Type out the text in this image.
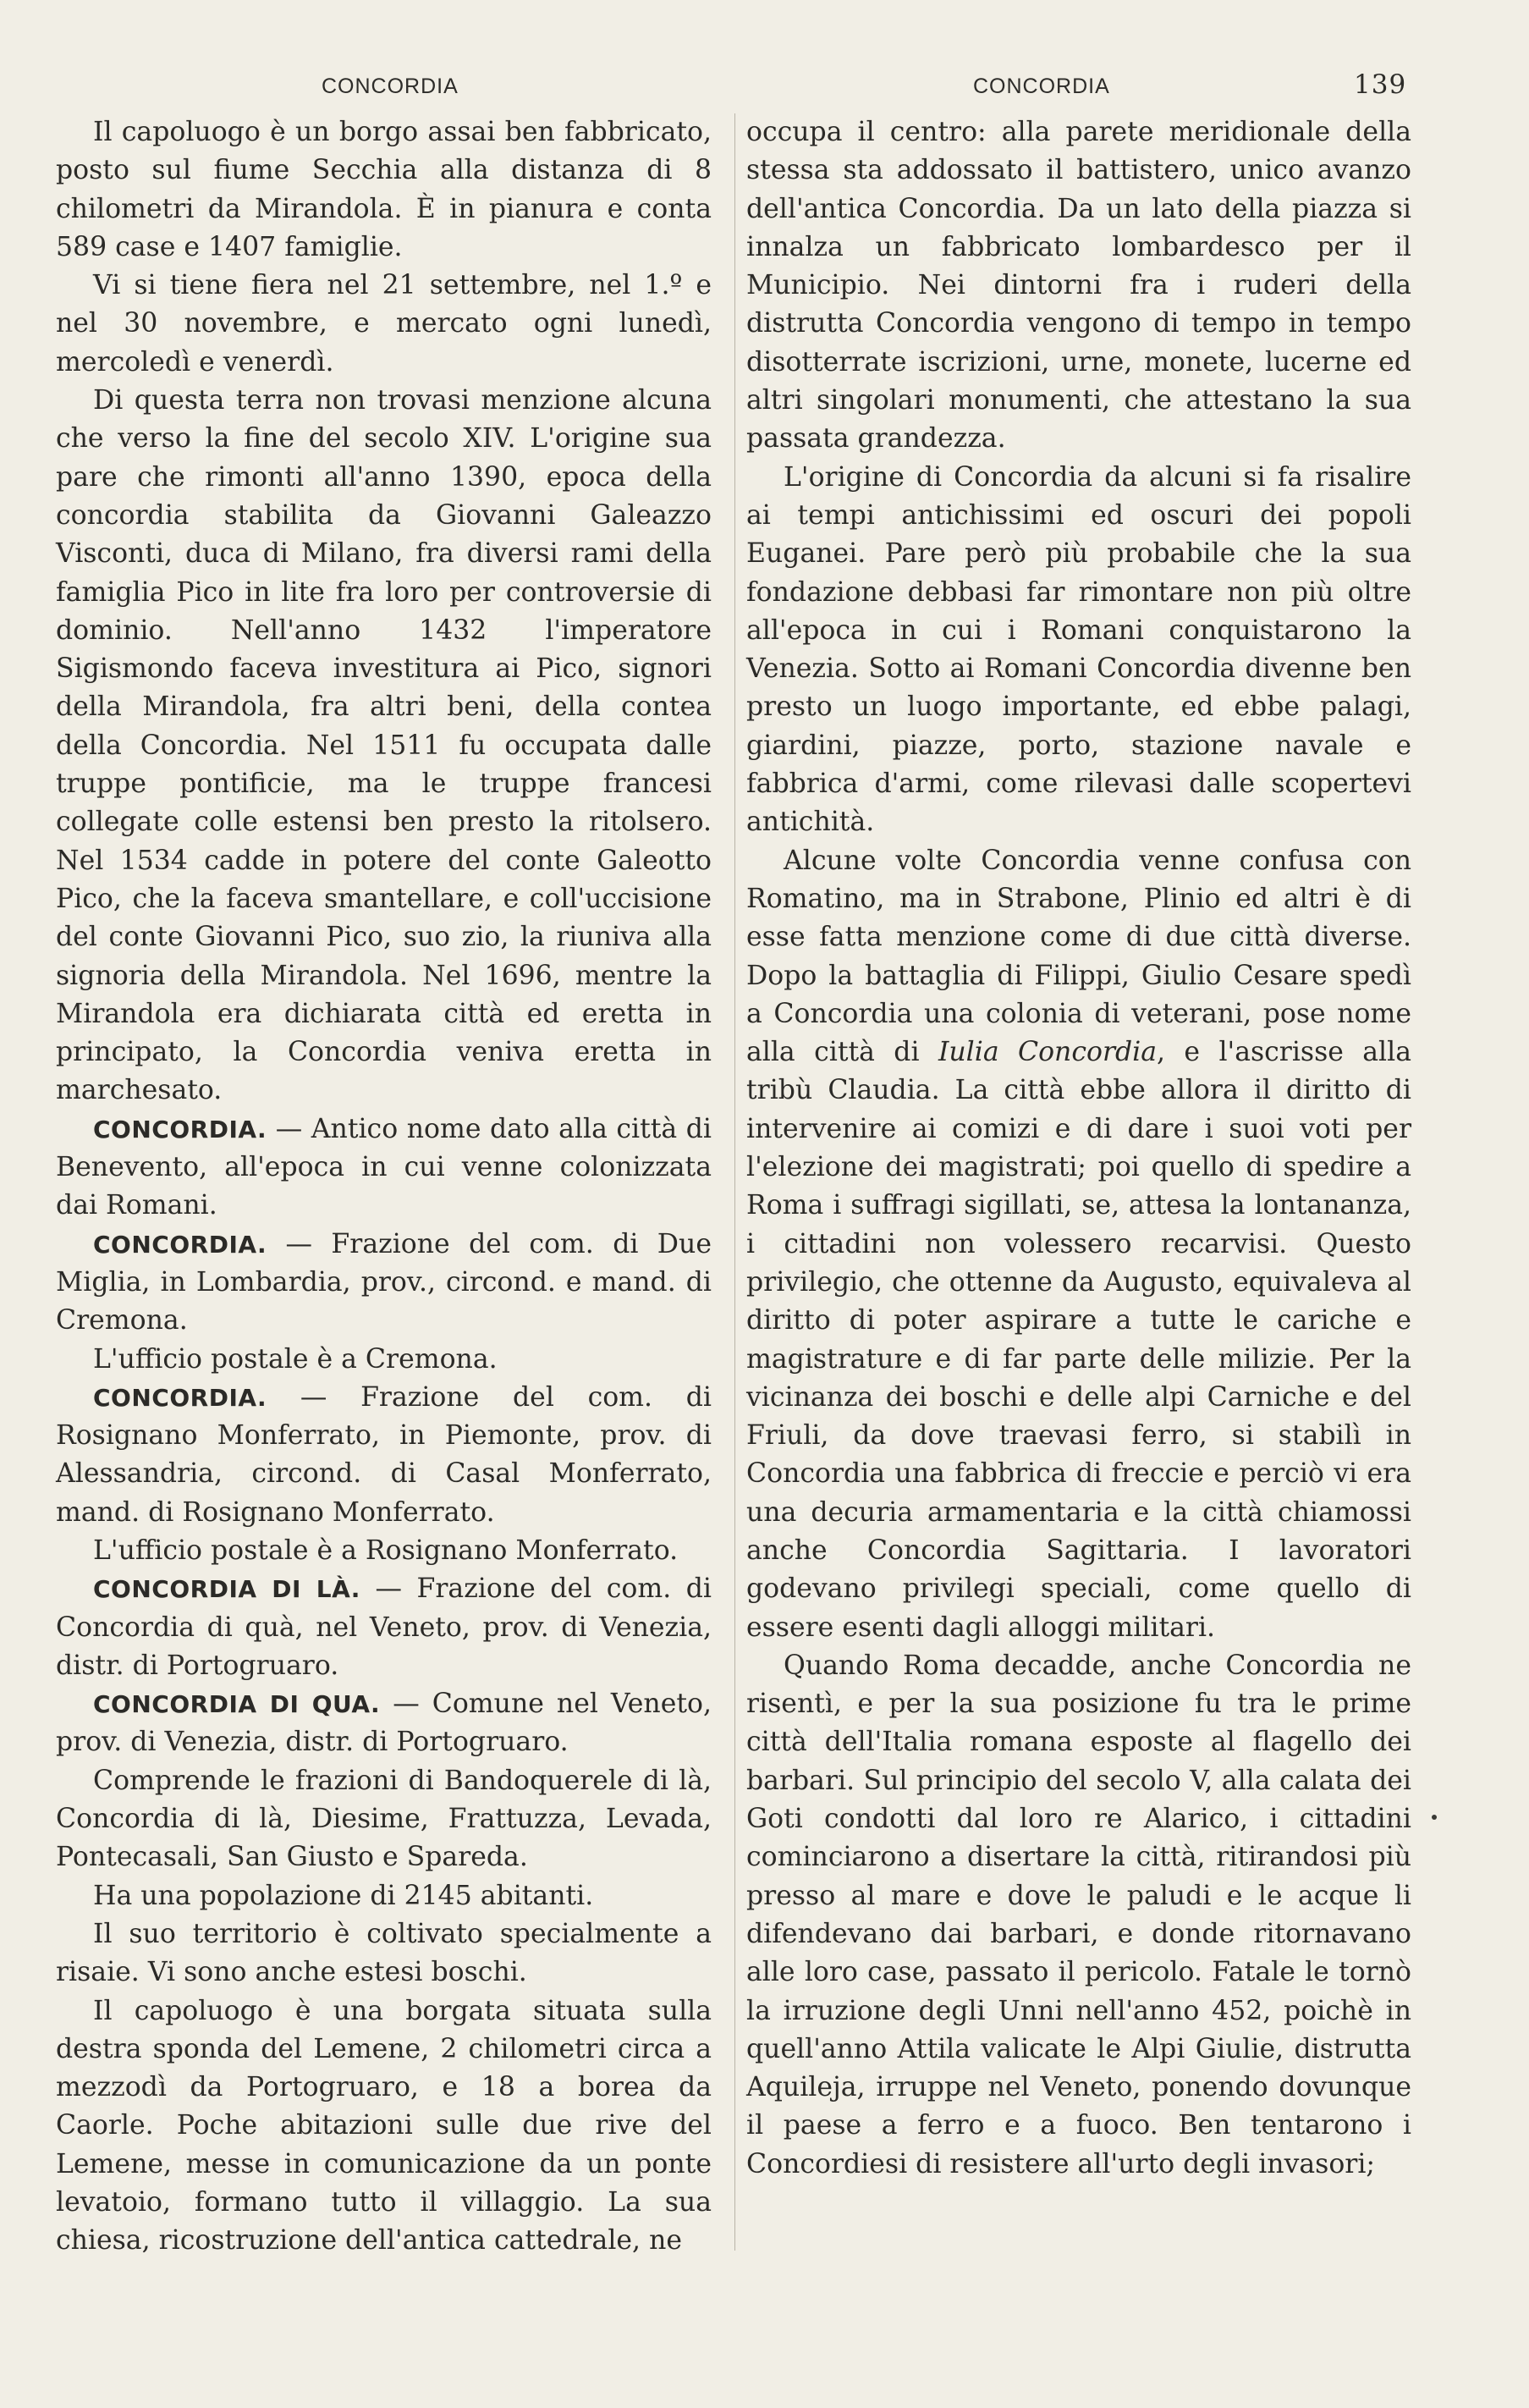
CONCORDIA	CONCORDIA	139

Il capoluogo è un borgo assai ben fabbricato, posto sul fiume Secchia alla distanza di 8 chilometri da Mirandola. È in pianura e conta 589 case e 1407 famiglie.

Vi si tiene fiera nel 21 settembre, nel 1.º e nel 30 novembre, e mercato ogni lunedì, mercoledì e venerdì.

Di questa terra non trovasi menzione alcuna che verso la fine del secolo XIV. L'origine sua pare che rimonti all'anno 1390, epoca della concordia stabilita da Giovanni Galeazzo Visconti, duca di Milano, fra diversi rami della famiglia Pico in lite fra loro per controversie di dominio. Nell'anno 1432 l'imperatore Sigismondo faceva investitura ai Pico, signori della Mirandola, fra altri beni, della contea della Concordia. Nel 1511 fu occupata dalle truppe pontificie, ma le truppe francesi collegate colle estensi ben presto la ritolsero. Nel 1534 cadde in potere del conte Galeotto Pico, che la faceva smantellare, e coll'uccisione del conte Giovanni Pico, suo zio, la riuniva alla signoria della Mirandola. Nel 1696, mentre la Mirandola era dichiarata città ed eretta in principato, la Concordia veniva eretta in marchesato.

CONCORDIA. — Antico nome dato alla città di Benevento, all'epoca in cui venne colonizzata dai Romani.

CONCORDIA. — Frazione del com. di Due Miglia, in Lombardia, prov., circond. e mand. di Cremona.

L'ufficio postale è a Cremona.

CONCORDIA. — Frazione del com. di Rosignano Monferrato, in Piemonte, prov. di Alessandria, circond. di Casal Monferrato, mand. di Rosignano Monferrato.

L'ufficio postale è a Rosignano Monferrato.

CONCORDIA DI LÀ. — Frazione del com. di Concordia di quà, nel Veneto, prov. di Venezia, distr. di Portogruaro.

CONCORDIA DI QUA. — Comune nel Veneto, prov. di Venezia, distr. di Portogruaro.

Comprende le frazioni di Bandoquerele di là, Concordia di là, Diesime, Frattuzza, Levada, Pontecasali, San Giusto e Spareda.

Ha una popolazione di 2145 abitanti.

Il suo territorio è coltivato specialmente a risaie. Vi sono anche estesi boschi.

Il capoluogo è una borgata situata sulla destra sponda del Lemene, 2 chilometri circa a mezzodì da Portogruaro, e 18 a borea da Caorle. Poche abitazioni sulle due rive del Lemene, messe in comunicazione da un ponte levatoio, formano tutto il villaggio. La sua chiesa, ricostruzione dell'antica cattedrale, ne

occupa il centro: alla parete meridionale della stessa sta addossato il battistero, unico avanzo dell'antica Concordia. Da un lato della piazza si innalza un fabbricato lombardesco per il Municipio. Nei dintorni fra i ruderi della distrutta Concordia vengono di tempo in tempo disotterrate iscrizioni, urne, monete, lucerne ed altri singolari monumenti, che attestano la sua passata grandezza.

L'origine di Concordia da alcuni si fa risalire ai tempi antichissimi ed oscuri dei popoli Euganei. Pare però più probabile che la sua fondazione debbasi far rimontare non più oltre all'epoca in cui i Romani conquistarono la Venezia. Sotto ai Romani Concordia divenne ben presto un luogo importante, ed ebbe palagi, giardini, piazze, porto, stazione navale e fabbrica d'armi, come rilevasi dalle scopertevi antichità.

Alcune volte Concordia venne confusa con Romatino, ma in Strabone, Plinio ed altri è di esse fatta menzione come di due città diverse. Dopo la battaglia di Filippi, Giulio Cesare spedì a Concordia una colonia di veterani, pose nome alla città di Iulia Concordia, e l'ascrisse alla tribù Claudia. La città ebbe allora il diritto di intervenire ai comizi e di dare i suoi voti per l'elezione dei magistrati; poi quello di spedire a Roma i suffragi sigillati, se, attesa la lontananza, i cittadini non volessero recarvisi. Questo privilegio, che ottenne da Augusto, equivaleva al diritto di poter aspirare a tutte le cariche e magistrature e di far parte delle milizie. Per la vicinanza dei boschi e delle alpi Carniche e del Friuli, da dove traevasi ferro, si stabilì in Concordia una fabbrica di freccie e perciò vi era una decuria armamentaria e la città chiamossi anche Concordia Sagittaria. I lavoratori godevano privilegi speciali, come quello di essere esenti dagli alloggi militari.

Quando Roma decadde, anche Concordia ne risentì, e per la sua posizione fu tra le prime città dell'Italia romana esposte al flagello dei barbari. Sul principio del secolo V, alla calata dei Goti condotti dal loro re Alarico, i cittadini cominciarono a disertare la città, ritirandosi più presso al mare e dove le paludi e le acque li difendevano dai barbari, e donde ritornavano alle loro case, passato il pericolo. Fatale le tornò la irruzione degli Unni nell'anno 452, poichè in quell'anno Attila valicate le Alpi Giulie, distrutta Aquileja, irruppe nel Veneto, ponendo dovunque il paese a ferro e a fuoco. Ben tentarono i Concordiesi di resistere all'urto degli invasori;
